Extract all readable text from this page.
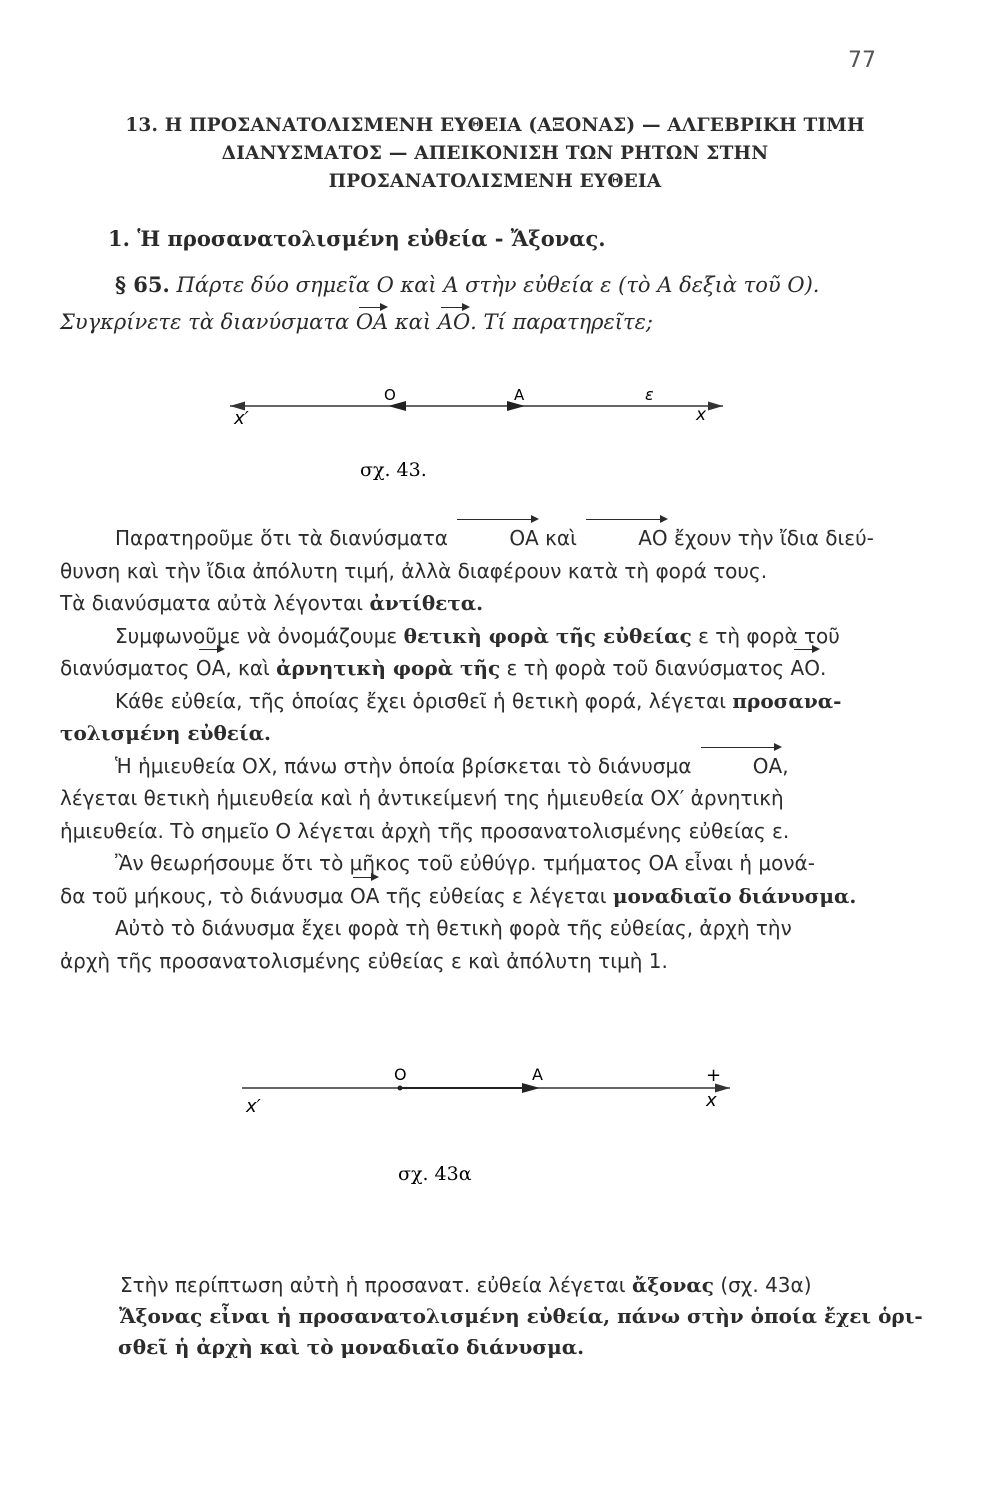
77
13. Η ΠΡΟΣΑΝΑΤΟΛΙΣΜΕΝΗ ΕΥΘΕΙΑ (ΑΞΟΝΑΣ) — ΑΛΓΕΒΡΙΚΗ ΤΙΜΗ
ΔΙΑΝΥΣΜΑΤΟΣ — ΑΠΕΙΚΟΝΙΣΗ ΤΩΝ ΡΗΤΩΝ ΣΤΗΝ
ΠΡΟΣΑΝΑΤΟΛΙΣΜΕΝΗ ΕΥΘΕΙΑ
1. Ἡ προσανατολισμένη εὐθεία - Ἄξονας.
§ 65. Πάρτε δύο σημεῖα Ο καὶ Α στὴν εὐθεία ε (τὸ Α δεξιὰ τοῦ Ο).
Συγκρίνετε τὰ διανύσματα ΟΑ καὶ ΑΟ. Τί παρατηρεῖτε;
O	A	ε
x′	x
σχ. 43.

Παρατηροῦμε ὅτι τὰ διανύσματα	ΟΑ καὶ	ΑΟ ἔχουν τὴν ἴδια διεύ-

θυνση καὶ τὴν ἴδια ἀπόλυτη τιμή, ἀλλὰ διαφέρουν κατὰ τὴ φορά τους.

Τὰ διανύσματα αὐτὰ λέγονται ἀντίθετα.

Συμφωνοῦμε νὰ ὀνομάζουμε θετικὴ φορὰ τῆς εὐθείας ε τὴ φορὰ τοῦ

διανύσματος ΟΑ, καὶ ἀρνητικὴ φορὰ τῆς ε τὴ φορὰ τοῦ διανύσματος ΑΟ.

Κάθε εὐθεία, τῆς ὁποίας ἔχει ὁρισθεῖ ἡ θετικὴ φορά, λέγεται προσανα-

τολισμένη εὐθεία.

Ἡ ἡμιευθεία ΟΧ, πάνω στὴν ὁποία βρίσκεται τὸ διάνυσμα	ΟΑ,

λέγεται θετικὴ ἡμιευθεία καὶ ἡ ἀντικείμενή της ἡμιευθεία ΟΧ′ ἀρνητικὴ

ἡμιευθεία. Τὸ σημεῖο Ο λέγεται ἀρχὴ τῆς προσανατολισμένης εὐθείας ε.

Ἂν θεωρήσουμε ὅτι τὸ μῆκος τοῦ εὐθύγρ. τμήματος ΟΑ εἶναι ἡ μονά-

δα τοῦ μήκους, τὸ διάνυσμα ΟΑ τῆς εὐθείας ε λέγεται μοναδιαῖο διάνυσμα.

Αὐτὸ τὸ διάνυσμα ἔχει φορὰ τὴ θετικὴ φορὰ τῆς εὐθείας, ἀρχὴ τὴν

ἀρχὴ τῆς προσανατολισμένης εὐθείας ε καὶ ἀπόλυτη τιμὴ 1.

O	A	+
x′	x
σχ. 43α

Στὴν περίπτωση αὐτὴ ἡ προσανατ. εὐθεία λέγεται ἄξονας (σχ. 43α)

Ἄξονας εἶναι ἡ προσανατολισμένη εὐθεία, πάνω στὴν ὁποία ἔχει ὁρι-

σθεῖ ἡ ἀρχὴ καὶ τὸ μοναδιαῖο διάνυσμα.
